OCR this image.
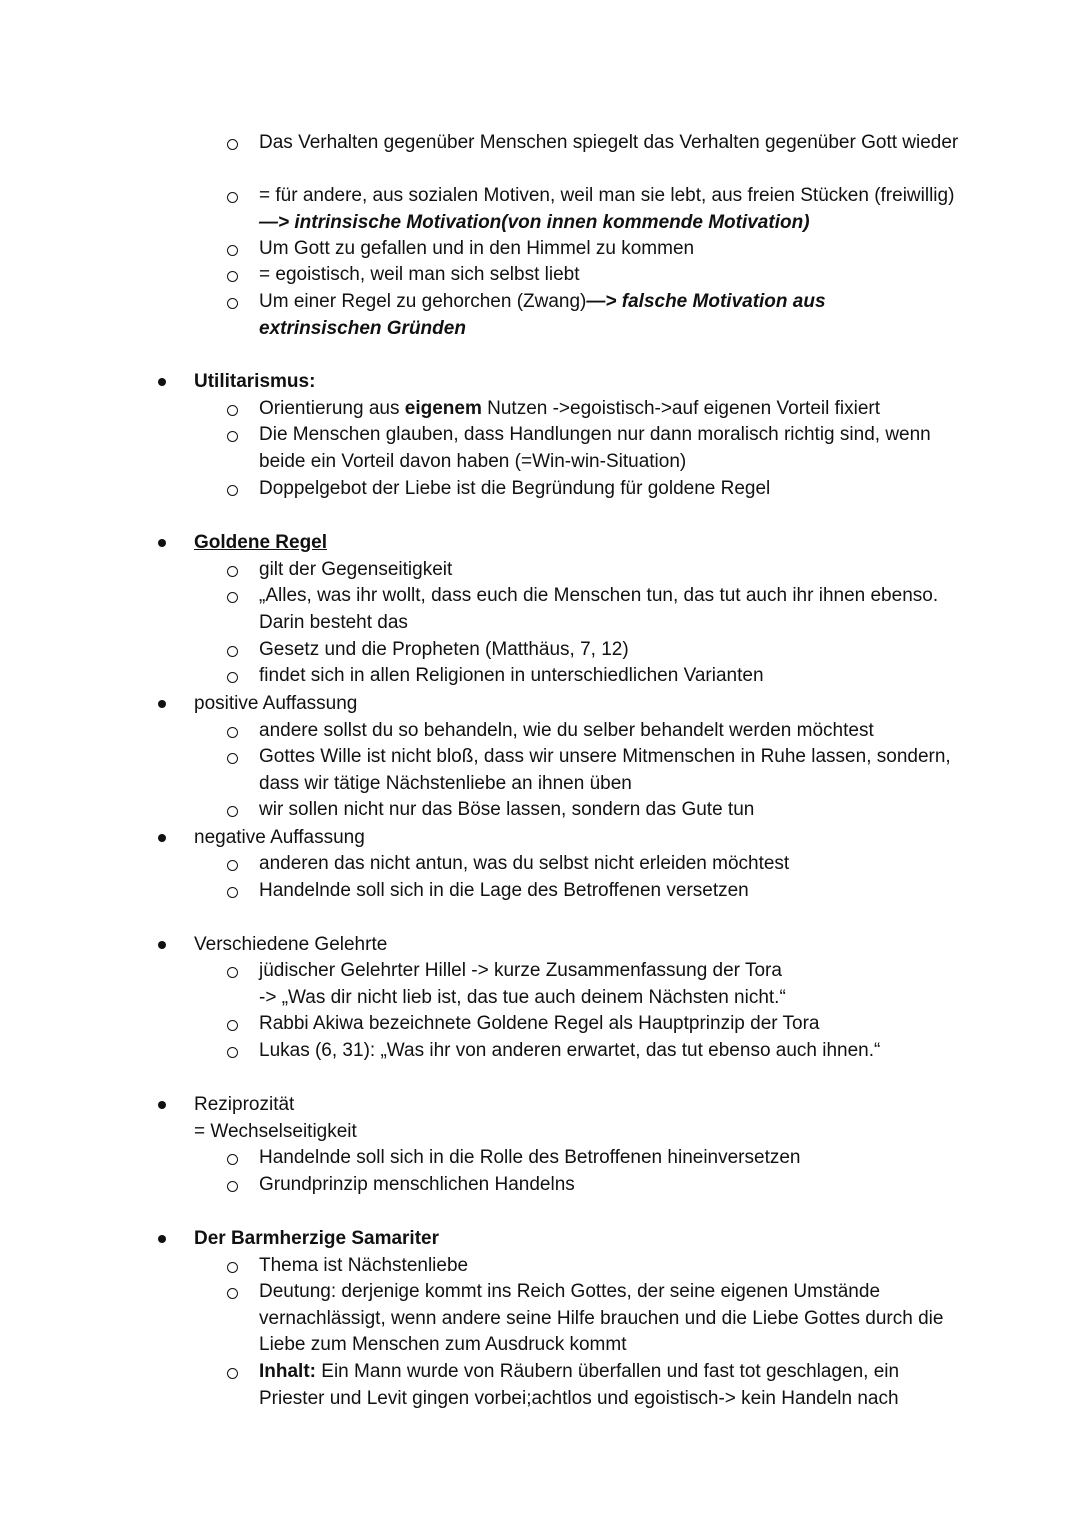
Das Verhalten gegenüber Menschen spiegelt das Verhalten gegenüber Gott wieder

= für andere, aus sozialen Motiven, weil man sie lebt, aus freien Stücken (freiwillig) —> intrinsische Motivation(von innen kommende Motivation)

Um Gott zu gefallen und in den Himmel zu kommen

= egoistisch, weil man sich selbst liebt

Um einer Regel zu gehorchen (Zwang)—> falsche Motivation aus extrinsischen Gründen

Utilitarismus:

Orientierung aus eigenem Nutzen ->egoistisch->auf eigenen Vorteil fixiert

Die Menschen glauben, dass Handlungen nur dann moralisch richtig sind, wenn beide ein Vorteil davon haben (=Win-win-Situation)

Doppelgebot der Liebe ist die Begründung für goldene Regel

Goldene Regel

gilt der Gegenseitigkeit

„Alles, was ihr wollt, dass euch die Menschen tun, das tut auch ihr ihnen ebenso. Darin besteht das

Gesetz und die Propheten (Matthäus, 7, 12)

findet sich in allen Religionen in unterschiedlichen Varianten

positive Auffassung

andere sollst du so behandeln, wie du selber behandelt werden möchtest

Gottes Wille ist nicht bloß, dass wir unsere Mitmenschen in Ruhe lassen, sondern, dass wir tätige Nächstenliebe an ihnen üben

wir sollen nicht nur das Böse lassen, sondern das Gute tun

negative Auffassung

anderen das nicht antun, was du selbst nicht erleiden möchtest

Handelnde soll sich in die Lage des Betroffenen versetzen

Verschiedene Gelehrte

jüdischer Gelehrter Hillel -> kurze Zusammenfassung der Tora

-> „Was dir nicht lieb ist, das tue auch deinem Nächsten nicht.“

Rabbi Akiwa bezeichnete Goldene Regel als Hauptprinzip der Tora

Lukas (6, 31): „Was ihr von anderen erwartet, das tut ebenso auch ihnen.“

Reziprozität

= Wechselseitigkeit

Handelnde soll sich in die Rolle des Betroffenen hineinversetzen

Grundprinzip menschlichen Handelns

Der Barmherzige Samariter

Thema ist Nächstenliebe

Deutung: derjenige kommt ins Reich Gottes, der seine eigenen Umstände vernachlässigt, wenn andere seine Hilfe brauchen und die Liebe Gottes durch die Liebe zum Menschen zum Ausdruck kommt

Inhalt: Ein Mann wurde von Räubern überfallen und fast tot geschlagen, ein Priester und Levit gingen vorbei;achtlos und egoistisch-> kein Handeln nach
